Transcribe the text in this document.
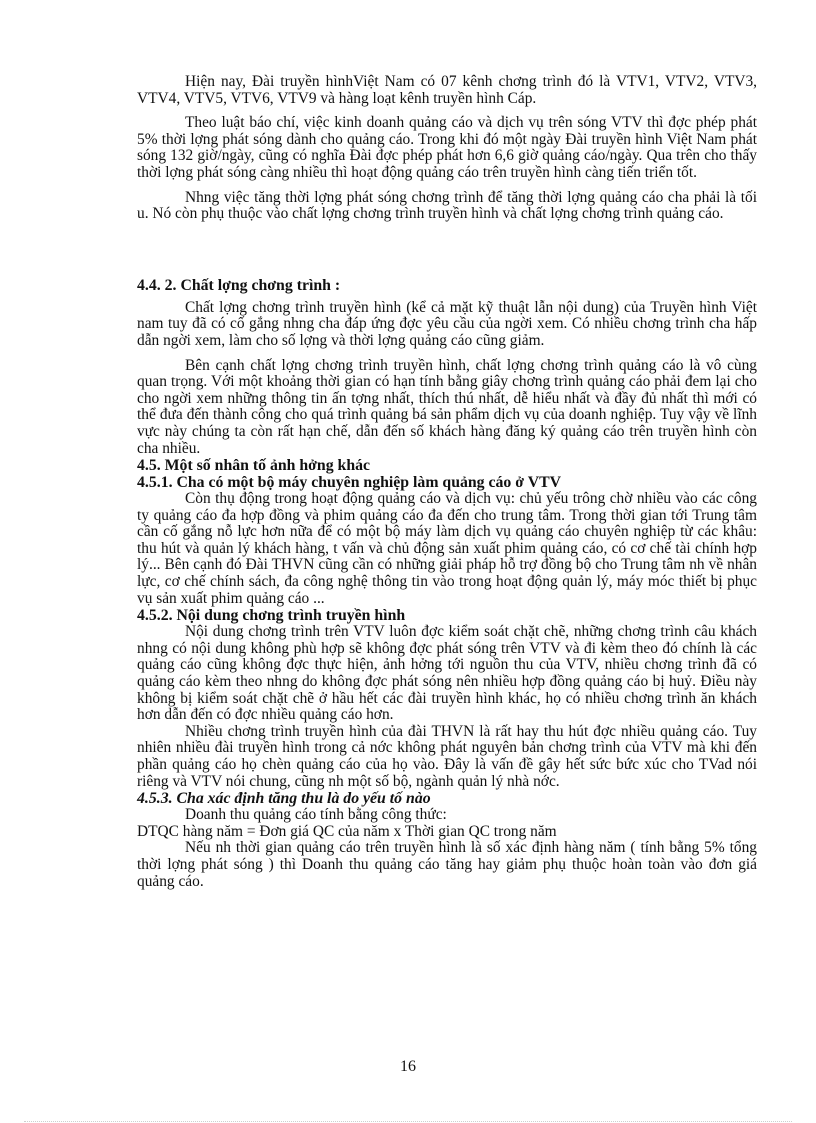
Hiện nay, Đài truyền hìnhViệt Nam có 07 kênh chơng trình đó là VTV1, VTV2, VTV3, VTV4, VTV5, VTV6, VTV9 và hàng loạt kênh truyền hình Cáp.

Theo luật báo chí, việc kinh doanh quảng cáo và dịch vụ trên sóng VTV thì đợc phép phát 5% thời lợng phát sóng dành cho quảng cáo. Trong khi đó một ngày Đài truyền hình Việt Nam phát sóng 132 giờ/ngày, cũng có nghĩa Đài đợc phép phát hơn 6,6 giờ quảng cáo/ngày. Qua trên cho thấy thời lợng phát sóng càng nhiều thì hoạt động quảng cáo trên truyền hình càng tiến triển tốt.

Nhng việc tăng thời lợng phát sóng chơng trình để tăng thời lợng quảng cáo cha phải là tối u. Nó còn phụ thuộc vào chất lợng chơng trình truyền hình và chất lợng chơng trình quảng cáo.

4.4. 2. Chất lợng chơng trình :

Chất lợng chơng trình truyền hình (kể cả mặt kỹ thuật lẫn nội dung) của Truyền hình Việt nam tuy đã có cố gắng nhng cha đáp ứng đợc yêu cầu của ngời xem. Có nhiều chơng trình cha hấp dẫn ngời xem, làm cho số lợng và thời lợng quảng cáo cũng giảm.

Bên cạnh chất lợng chơng trình truyền hình, chất lợng chơng trình quảng cáo là vô cùng quan trọng. Với một khoảng thời gian có hạn tính bằng giây chơng trình quảng cáo phải đem lại cho cho ngời xem những thông tin ấn tợng nhất, thích thú nhất, dễ hiểu nhất và đầy đủ nhất thì mới có thể đưa đến thành công cho quá trình quảng bá sản phẩm dịch vụ của doanh nghiệp. Tuy vậy về lĩnh vực này chúng ta còn rất hạn chế, dẫn đến số khách hàng đăng ký quảng cáo trên truyền hình còn cha nhiều.

4.5. Một số nhân tố ảnh hởng khác
4.5.1. Cha có một bộ máy chuyên nghiệp làm quảng cáo ở VTV

Còn thụ động trong hoạt động quảng cáo và dịch vụ: chủ yếu trông chờ nhiều vào các công ty quảng cáo đa hợp đồng và phim quảng cáo đa đến cho trung tâm. Trong thời gian tới Trung tâm cần cố gắng nỗ lực hơn nữa để có một bộ máy làm dịch vụ quảng cáo chuyên nghiệp từ các khâu: thu hút và quản lý khách hàng, t vấn và chủ động sản xuất phim quảng cáo, có cơ chế tài chính hợp lý... Bên cạnh đó Đài THVN cũng cần có những giải pháp hỗ trợ đồng bộ cho Trung tâm nh về nhân lực, cơ chế chính sách, đa công nghệ thông tin vào trong hoạt động quản lý, máy móc thiết bị phục vụ sản xuất phim quảng cáo ...

4.5.2. Nội dung chơng trình truyền hình

Nội dung chơng trình trên VTV luôn đợc kiểm soát chặt chẽ, những chơng trình câu khách nhng có nội dung không phù hợp sẽ không đợc phát sóng trên VTV và đi kèm theo đó chính là các quảng cáo cũng không đợc thực hiện, ảnh hởng tới nguồn thu của VTV, nhiều chơng trình đã có quảng cáo kèm theo nhng do không đợc phát sóng nên nhiều hợp đồng quảng cáo bị huỷ. Điều này không bị kiểm soát chặt chẽ ở hầu hết các đài truyền hình khác, họ có nhiều chơng trình ăn khách hơn dẫn đến có đợc nhiều quảng cáo hơn.

Nhiều chơng trình truyền hình của đài THVN là rất hay thu hút đợc nhiều quảng cáo. Tuy nhiên nhiều đài truyền hình trong cả nớc không phát nguyên bản chơng trình của VTV mà khi đến phần quảng cáo họ chèn quảng cáo của họ vào. Đây là vấn đề gây hết sức bức xúc cho TVad nói riêng và VTV nói chung, cũng nh một số bộ, ngành quản lý nhà nớc.

4.5.3. Cha xác định tăng thu là do yếu tố nào

Doanh thu quảng cáo tính bằng công thức:

DTQC hàng năm = Đơn giá QC của năm x Thời gian QC trong năm

Nếu nh thời gian quảng cáo trên truyền hình là số xác định hàng năm ( tính bằng 5% tổng thời lợng phát sóng ) thì Doanh thu quảng cáo tăng hay giảm phụ thuộc hoàn toàn vào đơn giá quảng cáo.

16
